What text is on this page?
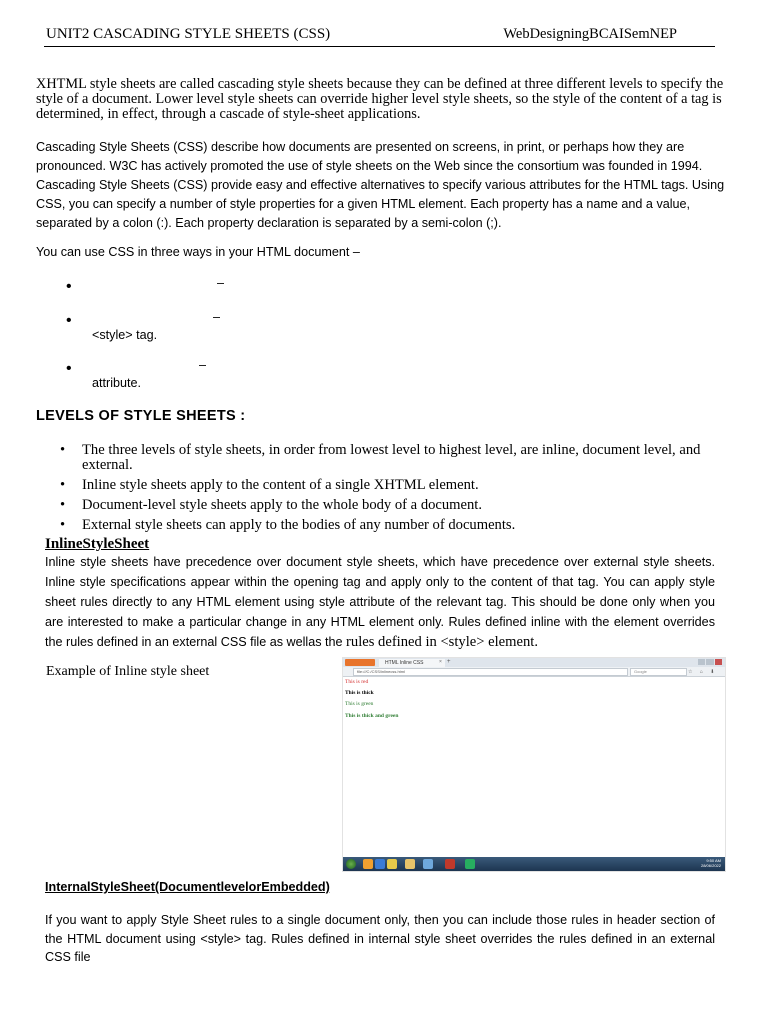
UNIT2 CASCADING STYLE SHEETS (CSS)	WebDesigningBCAISemNEP
XHTML style sheets are called cascading style sheets because they can be defined at three different levels to specify the style of a document. Lower level style sheets can override higher level style sheets, so the style of the content of a tag is determined, in effect, through a cascade of style-sheet applications.
Cascading Style Sheets (CSS) describe how documents are presented on screens, in print, or perhaps how they are pronounced. W3C has actively promoted the use of style sheets on the Web since the consortium was founded in 1994. Cascading Style Sheets (CSS) provide easy and effective alternatives to specify various attributes for the HTML tags. Using CSS, you can specify a number of style properties for a given HTML element. Each property has a name and a value, separated by a colon (:). Each property declaration is separated by a semi-colon (;).
You can use CSS in three ways in your HTML document –
•	–
•	–
<style> tag.
•	–
attribute.
LEVELS OF STYLE SHEETS :
• The three levels of style sheets, in order from lowest level to highest level, are inline, document level, and external.
• Inline style sheets apply to the content of a single XHTML element.
• Document-level style sheets apply to the whole body of a document.
• External style sheets can apply to the bodies of any number of documents.
InlineStyleSheet
Inline style sheets have precedence over document style sheets, which have precedence over external style sheets. Inline style specifications appear within the opening tag and apply only to the content of that tag. You can apply style sheet rules directly to any HTML element using style attribute of the relevant tag. This should be done only when you are interested to make a particular change in any HTML element only. Rules defined inline with the element overrides the rules defined in an external CSS file as wellas the rules defined in <style> element.
Example of Inline style sheet
HTML Inline CSS	× +
file:///C:/CSS/inlinecss.html	Google	☆ ⌂ ⬇
This is red
This is thick
This is green
This is thick and green
9:50 AM
28/06/2022
InternalStyleSheet(DocumentlevelorEmbedded)
If you want to apply Style Sheet rules to a single document only, then you can include those rules in header section of the HTML document using <style> tag. Rules defined in internal style sheet overrides the rules defined in an external CSS file
